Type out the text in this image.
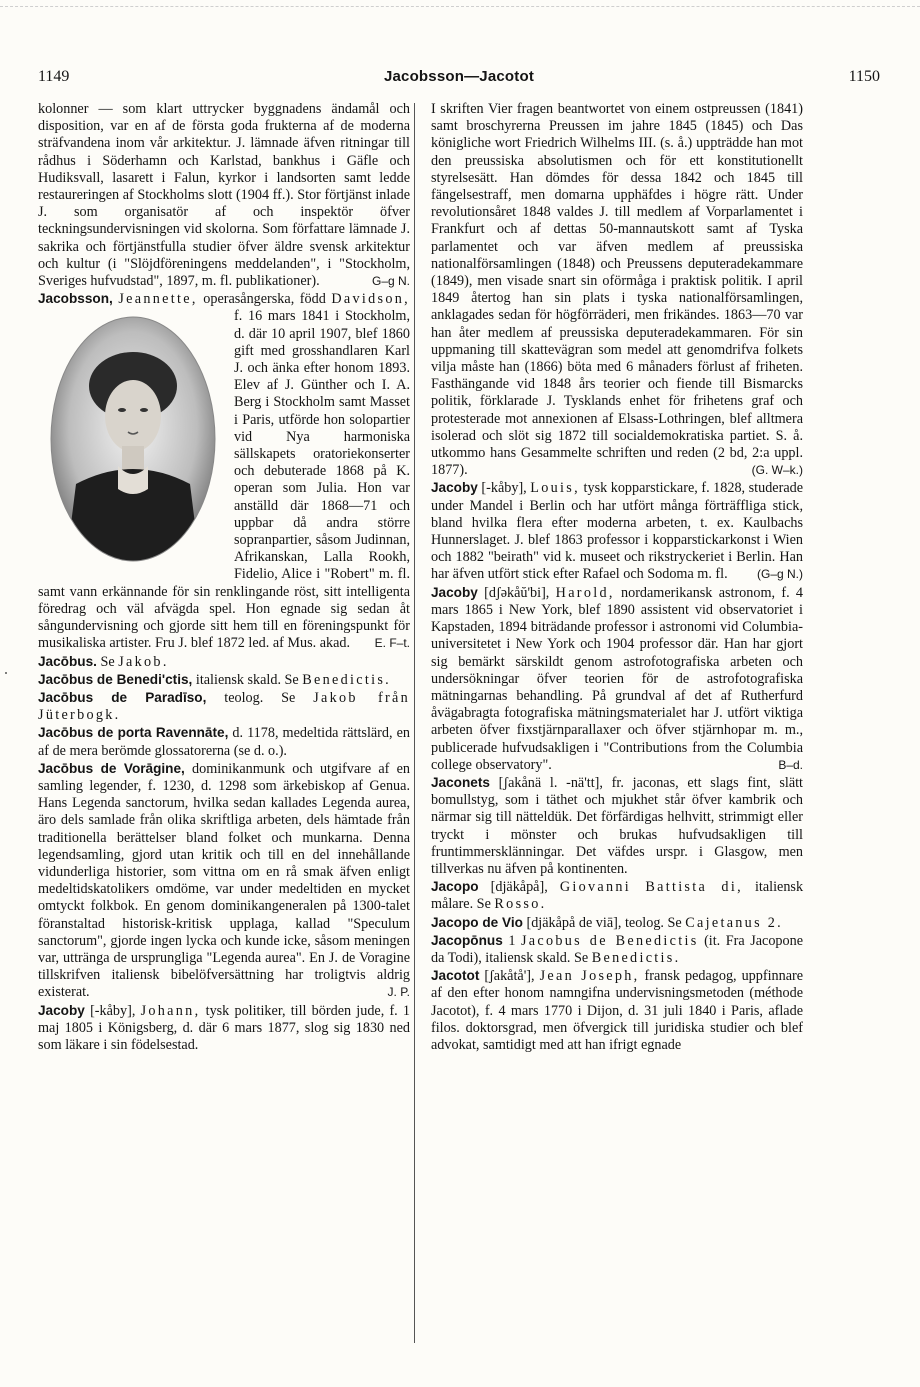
1149	Jacobsson—Jacotot	1150

kolonner — som klart uttrycker byggnadens ändamål och disposition, var en af de första goda frukterna af de moderna sträfvandena inom vår arkitektur. J. lämnade äfven ritningar till rådhus i Söderhamn och Karlstad, bankhus i Gäfle och Hudiksvall, lasarett i Falun, kyrkor i landsorten samt ledde restaureringen af Stockholms slott (1904 ff.). Stor förtjänst inlade J. som organisatör af och inspektör öfver teckningsundervisningen vid skolorna. Som författare lämnade J. sakrika och förtjänstfulla studier öfver äldre svensk arkitektur och kultur (i "Slöjdföreningens meddelanden", i "Stockholm, Sveriges hufvudstad", 1897, m. fl. publikationer).	G–g N.

Jacobsson, Jeannette, operasångerska, född Davidson,
f. 16 mars 1841 i Stockholm, d. där 10 april 1907, blef 1860 gift med grosshandlaren Karl J. och änka efter honom 1893. Elev af J. Günther och I. A. Berg i Stockholm samt Masset i Paris, utförde hon solopartier vid Nya harmoniska sällskapets oratoriekonserter och debuterade 1868 på K. operan som Julia. Hon var anställd där 1868—71 och uppbar då andra större sopranpartier, såsom Judinnan, Afrikanskan, Lalla Rookh, Fidelio, Alice i "Robert" m. fl. samt vann erkännande för sin renklingande röst, sitt intelligenta föredrag och väl afvägda spel. Hon egnade sig sedan åt sångundervisning och gjorde sitt hem till en föreningspunkt för musikaliska artister. Fru J. blef 1872 led. af Mus. akad. E. F–t.

Jacōbus. Se Jakob.

Jacōbus de Benedi'ctis, italiensk skald. Se Benedictis.

Jacōbus de Paradīso, teolog. Se Jakob från Jüterbogk.

Jacōbus de porta Ravennāte, d. 1178, medeltida rättslärd, en af de mera berömde glossatorerna (se d. o.).

Jacōbus de Vorāgine, dominikanmunk och utgifvare af en samling legender, f. 1230, d. 1298 som ärkebiskop af Genua. Hans Legenda sanctorum, hvilka sedan kallades Legenda aurea, äro dels samlade från olika skriftliga arbeten, dels hämtade från traditionella berättelser bland folket och munkarna. Denna legendsamling, gjord utan kritik och till en del innehållande vidunderliga historier, som vittna om en rå smak äfven enligt medeltidskatolikers omdöme, var under medeltiden en mycket omtyckt folkbok. En genom dominikangeneralen på 1300-talet föranstaltad historisk-kritisk upplaga, kallad "Speculum sanctorum", gjorde ingen lycka och kunde icke, såsom meningen var, uttränga de ursprungliga "Legenda aurea". En J. de Voragine tillskrifven italiensk bibelöfversättning har troligtvis aldrig existerat.	J. P.

Jacoby [-kåby], Johann, tysk politiker, till börden jude, f. 1 maj 1805 i Königsberg, d. där 6 mars 1877, slog sig 1830 ned som läkare i sin födelsestad.

I skriften Vier fragen beantwortet von einem ostpreussen (1841) samt broschyrerna Preussen im jahre 1845 (1845) och Das königliche wort Friedrich Wilhelms III. (s. å.) uppträdde han mot den preussiska absolutismen och för ett konstitutionellt styrelsesätt. Han dömdes för dessa 1842 och 1845 till fängelsestraff, men domarna upphäfdes i högre rätt. Under revolutionsåret 1848 valdes J. till medlem af Vorparlamentet i Frankfurt och af dettas 50-mannautskott samt af Tyska parlamentet och var äfven medlem af preussiska nationalförsamlingen (1848) och Preussens deputeradekammare (1849), men visade snart sin oförmåga i praktisk politik. I april 1849 återtog han sin plats i tyska nationalförsamlingen, anklagades sedan för högförräderi, men frikändes. 1863—70 var han åter medlem af preussiska deputeradekammaren. För sin uppmaning till skattevägran som medel att genomdrifva folkets vilja måste han (1866) böta med 6 månaders förlust af friheten. Fasthängande vid 1848 års teorier och fiende till Bismarcks politik, förklarade J. Tysklands enhet för frihetens graf och protesterade mot annexionen af Elsass-Lothringen, blef alltmera isolerad och slöt sig 1872 till socialdemokratiska partiet. S. å. utkommo hans Gesammelte schriften und reden (2 bd, 2:a uppl. 1877).	(G. W–k.)

Jacoby [-kåby], Louis, tysk kopparstickare, f. 1828, studerade under Mandel i Berlin och har utfört många förträffliga stick, bland hvilka flera efter moderna arbeten, t. ex. Kaulbachs Hunnerslaget. J. blef 1863 professor i kopparstickarkonst i Wien och 1882 "beirath" vid k. museet och rikstryckeriet i Berlin. Han har äfven utfört stick efter Rafael och Sodoma m. fl. (G–g N.)

Jacoby [dʃəkåŭ'bi], Harold, nordamerikansk astronom, f. 4 mars 1865 i New York, blef 1890 assistent vid observatoriet i Kapstaden, 1894 biträdande professor i astronomi vid Columbia-universitetet i New York och 1904 professor där. Han har gjort sig bemärkt särskildt genom astrofotografiska arbeten och undersökningar öfver teorien för de astrofotografiska mätningarnas behandling. På grundval af det af Rutherfurd åvägabragta fotografiska mätningsmaterialet har J. utfört viktiga arbeten öfver fixstjärnparallaxer och öfver stjärnhopar m. m., publicerade hufvudsakligen i "Contributions from the Columbia college observatory".	B–d.

Jaconets [ʃakånä l. -nä'tt], fr. jaconas, ett slags fint, slätt bomullstyg, som i täthet och mjukhet står öfver kambrik och närmar sig till nätteldük. Det förfärdigas helhvitt, strimmigt eller tryckt i mönster och brukas hufvudsakligen till fruntimmersklänningar. Det väfdes urspr. i Glasgow, men tillverkas nu äfven på kontinenten.

Jacopo [djäkåpå], Giovanni Battista di, italiensk målare. Se Rosso.

Jacopo de Vio [djäkåpå de viā], teolog. Se Cajetanus 2.

Jacopōnus 1 Jacobus de Benedictis (it. Fra Jacopone da Todi), italiensk skald. Se Benedictis.

Jacotot [ʃakåtå'], Jean Joseph, fransk pedagog, uppfinnare af den efter honom namngifna undervisningsmetoden (méthode Jacotot), f. 4 mars 1770 i Dijon, d. 31 juli 1840 i Paris, aflade filos. doktorsgrad, men öfvergick till juridiska studier och blef advokat, samtidigt med att han ifrigt egnade
